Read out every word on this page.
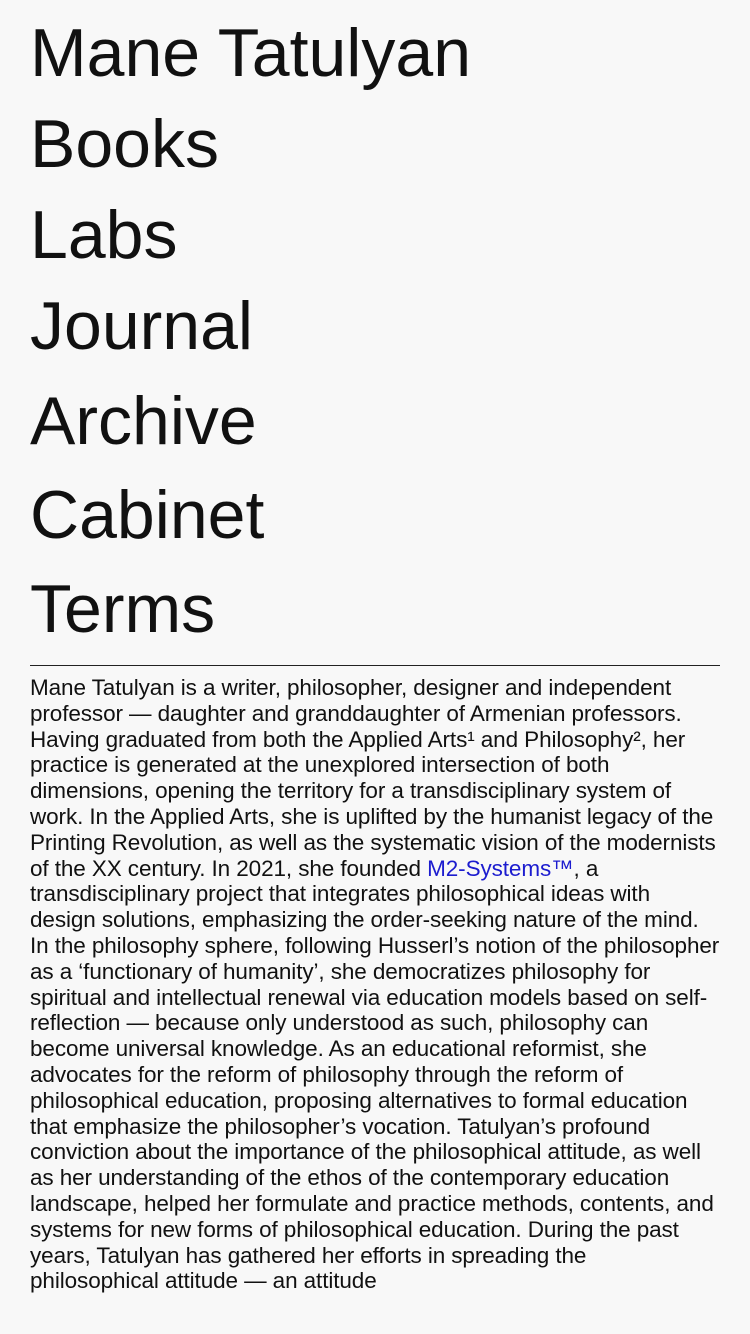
Mane Tatulyan
Books
Labs
Journal
Archive
Cabinet
Terms

Mane Tatulyan is a writer, philosopher, designer and independent professor — daughter and granddaughter of Armenian professors. Having graduated from both the Applied Arts¹ and Philosophy², her practice is generated at the unexplored intersection of both dimensions, opening the territory for a transdisciplinary system of work. In the Applied Arts, she is uplifted by the humanist legacy of the Printing Revolution, as well as the systematic vision of the modernists of the XX century. In 2021, she founded M2-Systems™, a transdisciplinary project that integrates philosophical ideas with design solutions, emphasizing the order-seeking nature of the mind. In the philosophy sphere, following Husserl’s notion of the philosopher as a ‘functionary of humanity’, she democratizes philosophy for spiritual and intellectual renewal via education models based on self-reflection — because only understood as such, philosophy can become universal knowledge. As an educational reformist, she advocates for the reform of philosophy through the reform of philosophical education, proposing alternatives to formal education that emphasize the philosopher’s vocation. Tatulyan’s profound conviction about the importance of the philosophical attitude, as well as her understanding of the ethos of the contemporary education landscape, helped her formulate and practice methods, contents, and systems for new forms of philosophical education. During the past years, Tatulyan has gathered her efforts in spreading the philosophical attitude — an attitude
